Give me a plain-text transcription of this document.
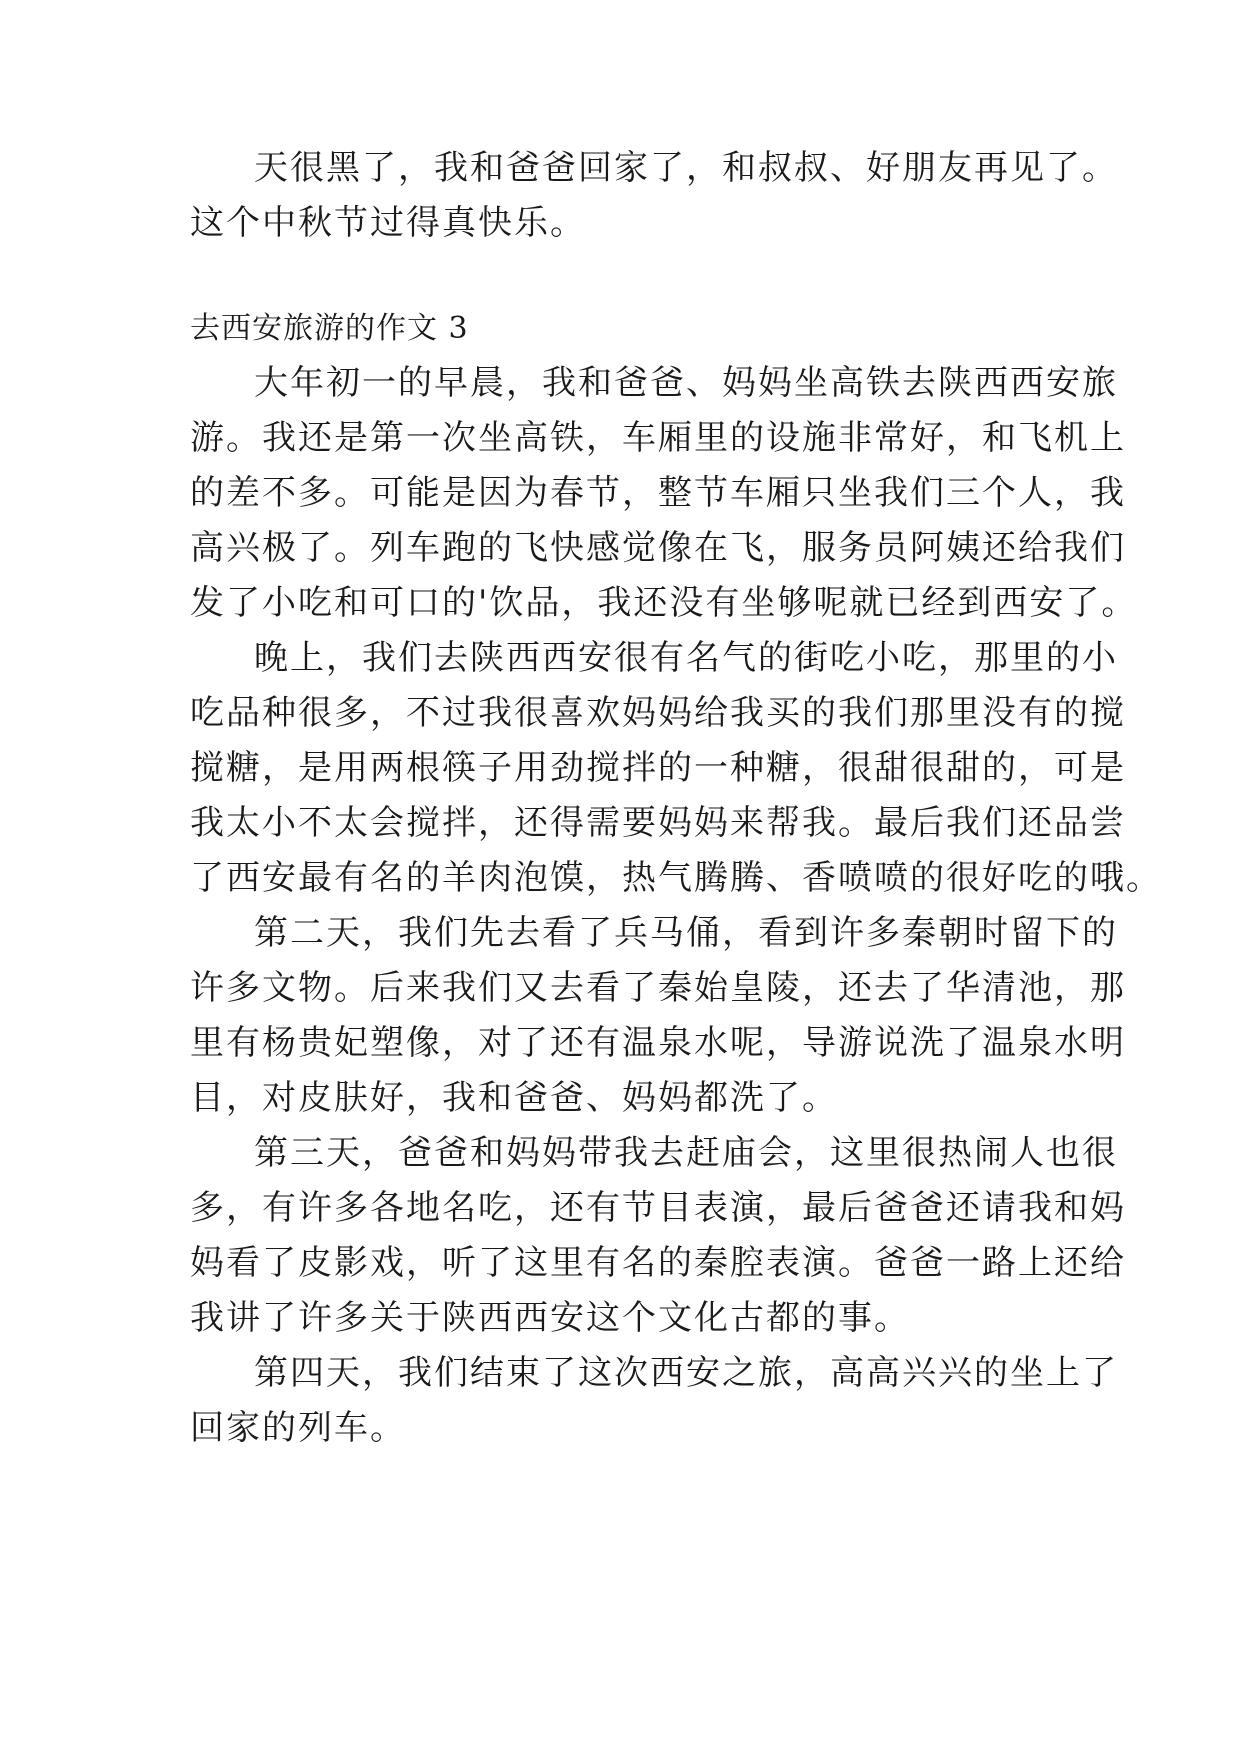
天很黑了，我和爸爸回家了，和叔叔、好朋友再见了。
这个中秋节过得真快乐。
去西安旅游的作文 3
大年初一的早晨，我和爸爸、妈妈坐高铁去陕西西安旅
游。我还是第一次坐高铁，车厢里的设施非常好，和飞机上
的差不多。可能是因为春节，整节车厢只坐我们三个人，我
高兴极了。列车跑的飞快感觉像在飞，服务员阿姨还给我们
发了小吃和可口的'饮品，我还没有坐够呢就已经到西安了。
晚上，我们去陕西西安很有名气的街吃小吃，那里的小
吃品种很多，不过我很喜欢妈妈给我买的我们那里没有的搅
搅糖，是用两根筷子用劲搅拌的一种糖，很甜很甜的，可是
我太小不太会搅拌，还得需要妈妈来帮我。最后我们还品尝
了西安最有名的羊肉泡馍，热气腾腾、香喷喷的很好吃的哦。
第二天，我们先去看了兵马俑，看到许多秦朝时留下的
许多文物。后来我们又去看了秦始皇陵，还去了华清池，那
里有杨贵妃塑像，对了还有温泉水呢，导游说洗了温泉水明
目，对皮肤好，我和爸爸、妈妈都洗了。
第三天，爸爸和妈妈带我去赶庙会，这里很热闹人也很
多，有许多各地名吃，还有节目表演，最后爸爸还请我和妈
妈看了皮影戏，听了这里有名的秦腔表演。爸爸一路上还给
我讲了许多关于陕西西安这个文化古都的事。
第四天，我们结束了这次西安之旅，高高兴兴的坐上了
回家的列车。
